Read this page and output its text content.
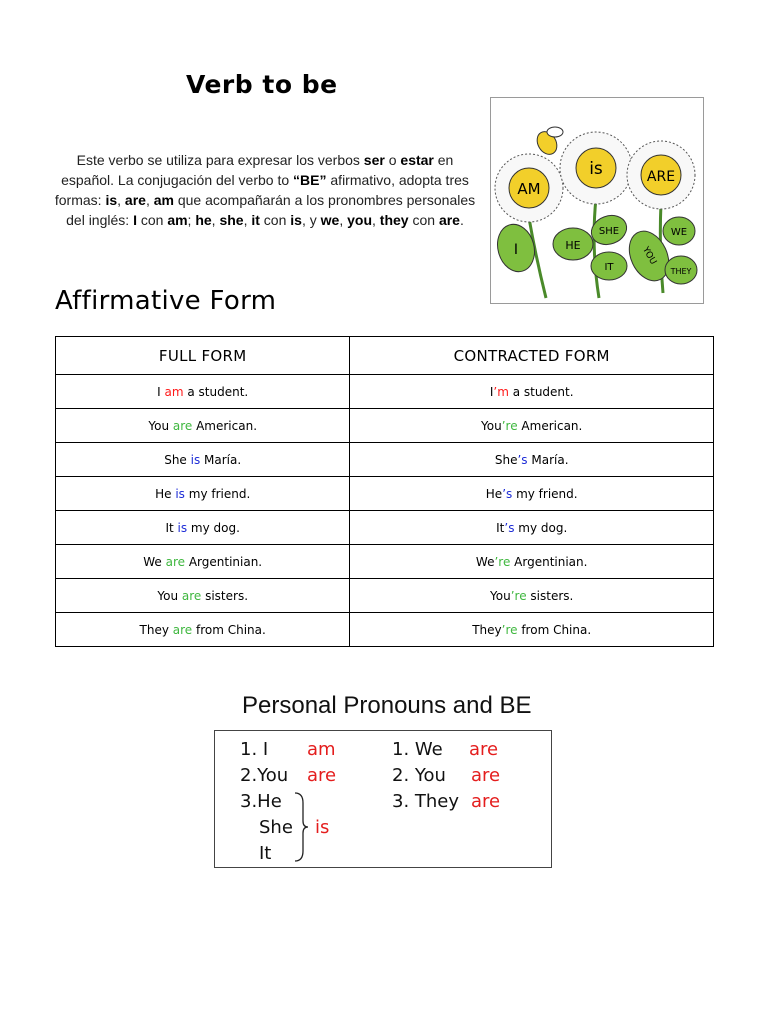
Verb to be
Este verbo se utiliza para expresar los verbos ser o estar en español. La conjugación del verbo to “BE” afirmativo, adopta tres formas: is, are, am que acompañarán a los pronombres personales del inglés: I con am; he, she, it con is, y we, you, they con are.
AM
is	ARE
I	HE
SHE
IT
YOU
WE
THEY
Affirmative Form
FULL FORM	CONTRACTED FORM
I am a student.	I’m a student.
You are American.	You’re American.
She is María.	She’s María.
He is my friend.	He’s my friend.
It is my dog.	It’s my dog.
We are Argentinian.	We’re Argentinian.
You are sisters.	You’re sisters.
They are from China.	They’re from China.
Personal Pronouns and BE
1. I am
2.You are
3.He
She is
It
1. We are
2. You are
3. They are
